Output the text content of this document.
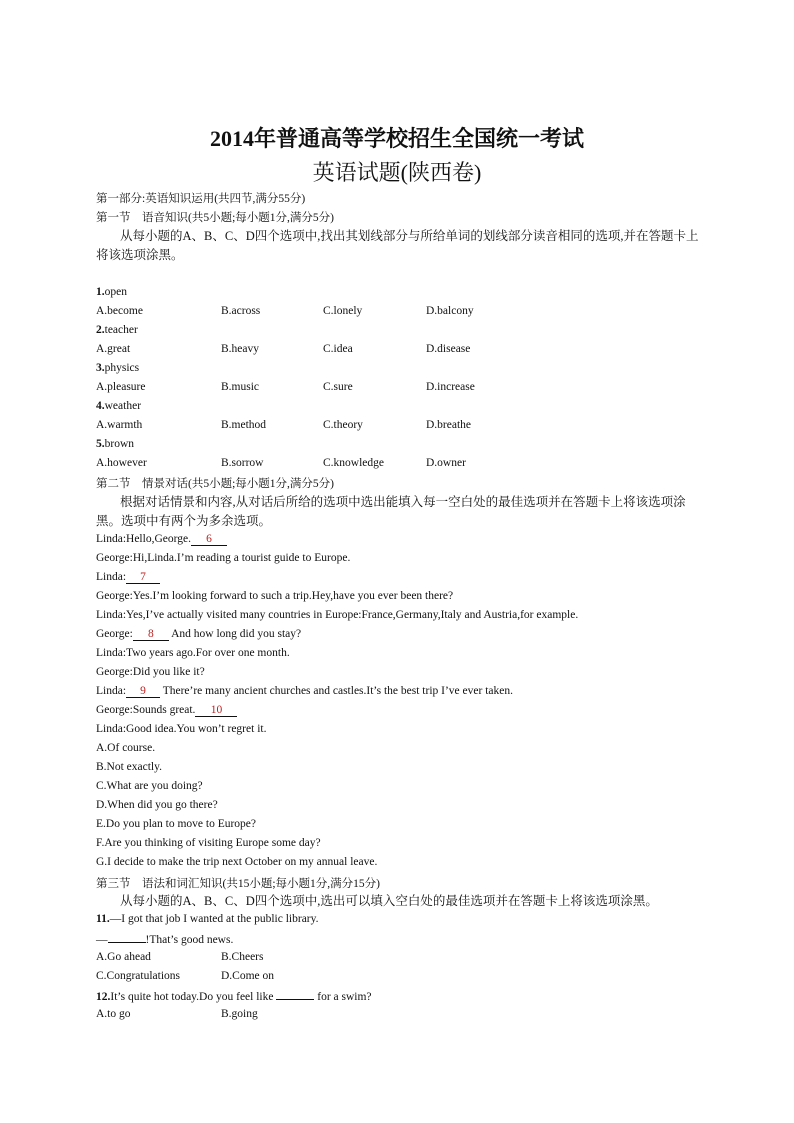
2014年普通高等学校招生全国统一考试
英语试题(陕西卷)
第一部分:英语知识运用(共四节,满分55分)
第一节　语音知识(共5小题;每小题1分,满分5分)
从每小题的A、B、C、D四个选项中,找出其划线部分与所给单词的划线部分读音相同的选项,并在答题卡上将该选项涂黑。
1.open
A.become	B.across	C.lonely	D.balcony
2.teacher
A.great	B.heavy	C.idea	D.disease
3.physics
A.pleasure	B.music	C.sure	D.increase
4.weather
A.warmth	B.method	C.theory	D.breathe
5.brown
A.however	B.sorrow	C.knowledge	D.owner
第二节　情景对话(共5小题;每小题1分,满分5分)
根据对话情景和内容,从对话后所给的选项中选出能填入每一空白处的最佳选项并在答题卡上将该选项涂黑。选项中有两个为多余选项。
Linda:Hello,George. 6
George:Hi,Linda.I’m reading a tourist guide to Europe.
Linda: 7
George:Yes.I’m looking forward to such a trip.Hey,have you ever been there?
Linda:Yes,I’ve actually visited many countries in Europe:France,Germany,Italy and Austria,for example.
George: 8 And how long did you stay?
Linda:Two years ago.For over one month.
George:Did you like it?
Linda: 9 There’re many ancient churches and castles.It’s the best trip I’ve ever taken.
George:Sounds great. 10
Linda:Good idea.You won’t regret it.
A.Of course.
B.Not exactly.
C.What are you doing?
D.When did you go there?
E.Do you plan to move to Europe?
F.Are you thinking of visiting Europe some day?
G.I decide to make the trip next October on my annual leave.
第三节　语法和词汇知识(共15小题;每小题1分,满分15分)
从每小题的A、B、C、D四个选项中,选出可以填入空白处的最佳选项并在答题卡上将该选项涂黑。
11.—I got that job I wanted at the public library.
—	!That’s good news.
A.Go ahead	B.Cheers
C.Congratulations	D.Come on
12.It’s quite hot today.Do you feel like	for a swim?
A.to go	B.going
